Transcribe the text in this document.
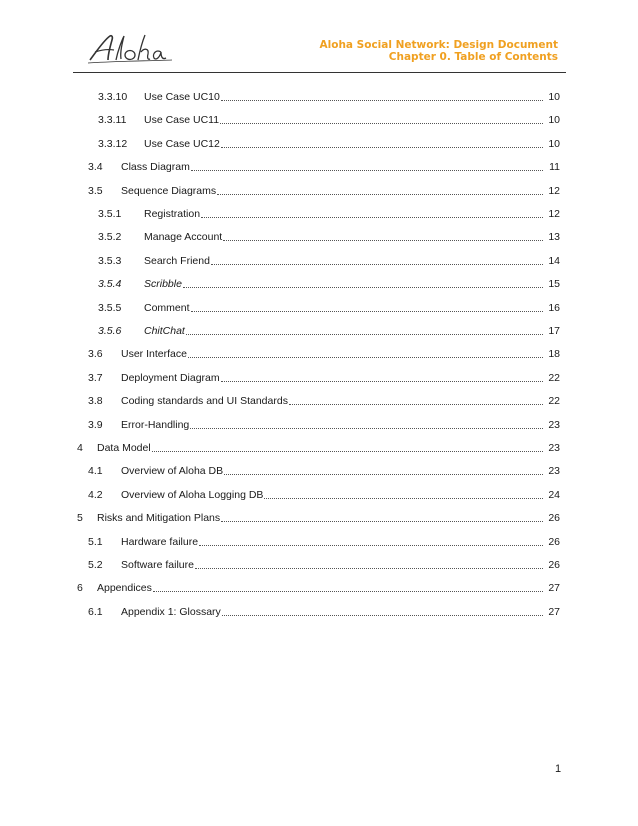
Aloha Social Network: Design Document
Chapter 0. Table of Contents
3.3.10	Use Case UC10	10
3.3.11	Use Case UC11	10
3.3.12	Use Case UC12	10
3.4	Class Diagram	11
3.5	Sequence Diagrams	12
3.5.1	Registration	12
3.5.2	Manage Account	13
3.5.3	Search Friend	14
3.5.4	Scribble	15
3.5.5	Comment	16
3.5.6	ChitChat	17
3.6	User Interface	18
3.7	Deployment Diagram	22
3.8	Coding standards and UI Standards	22
3.9	Error-Handling	23
4	Data Model	23
4.1	Overview of Aloha DB	23
4.2	Overview of Aloha Logging DB	24
5	Risks and Mitigation Plans	26
5.1	Hardware failure	26
5.2	Software failure	26
6	Appendices	27
6.1	Appendix 1: Glossary	27
1
